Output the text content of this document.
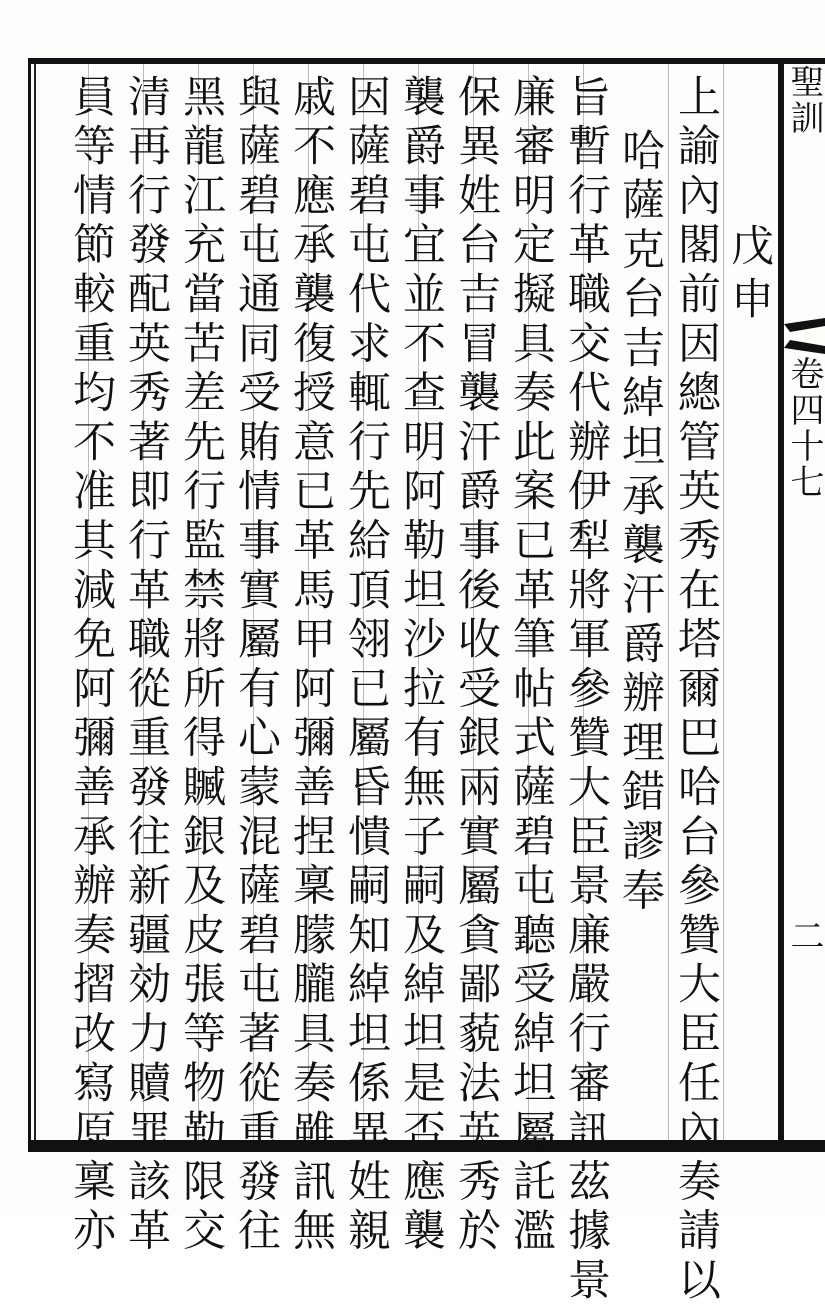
聖訓
卷四十七
二
上諭內閣前因總管英秀在塔爾巴哈台參贊大臣任內奏請以 　戊申
哈薩克台吉綽坦承襲汗爵辦理錯謬奉
旨暫行革職交代辦伊犁將軍參贊大臣景廉嚴行審訊茲據景
廉審明定擬具奏此案已革筆帖式薩碧屯聽受綽坦屬託濫
保異姓台吉冒襲汗爵事後收受銀兩實屬貪鄙藐法英秀於
襲爵事宜並不查明阿勒坦沙拉有無子嗣及綽坦是否應襲
因薩碧屯代求輒行先給頂翎已屬昏憒嗣知綽坦係異姓親
戚不應承襲復授意已革馬甲阿彌善捏稟朦朧具奏雖訊無
與薩碧屯通同受賄情事實屬有心蒙混薩碧屯著從重發往
黑龍江充當苦差先行監禁將所得贓銀及皮張等物勒限交
清再行發配英秀著即行革職從重發往新疆効力贖罪該革
員等情節較重均不准其減免阿彌善承辦奏摺改寫原稟亦
